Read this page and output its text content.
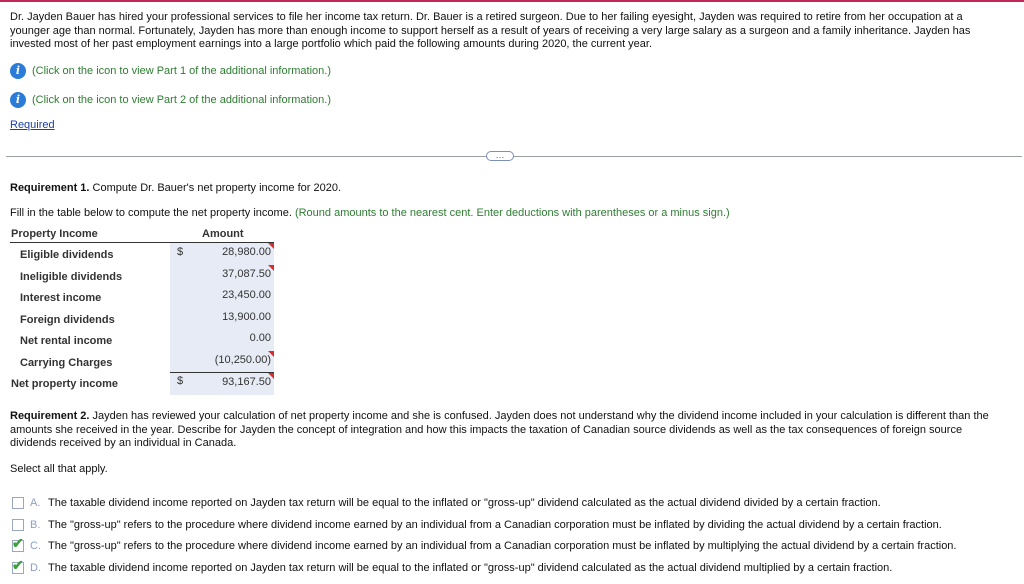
Dr. Jayden Bauer has hired your professional services to file her income tax return. Dr. Bauer is a retired surgeon. Due to her failing eyesight, Jayden was required to retire from her occupation at a younger age than normal. Fortunately, Jayden has more than enough income to support herself as a result of years of receiving a very large salary as a surgeon and a family inheritance. Jayden has invested most of her past employment earnings into a large portfolio which paid the following amounts during 2020, the current year.
i	(Click on the icon to view Part 1 of the additional information.)
i	(Click on the icon to view Part 2 of the additional information.)
Required
…
Requirement 1. Compute Dr. Bauer's net property income for 2020.
Fill in the table below to compute the net property income. (Round amounts to the nearest cent. Enter deductions with parentheses or a minus sign.)
Property Income	Amount
Eligible dividends	28,980.00
$
Ineligible dividends	37,087.50
Interest income	23,450.00
Foreign dividends	13,900.00
Net rental income	0.00
Carrying Charges	(10,250.00)
Net property income	93,167.50
$
Requirement 2. Jayden has reviewed your calculation of net property income and she is confused. Jayden does not understand why the dividend income included in your calculation is different than the amounts she received in the year. Describe for Jayden the concept of integration and how this impacts the taxation of Canadian source dividends as well as the tax consequences of foreign source dividends received by an individual in Canada.
Select all that apply.
A. The taxable dividend income reported on Jayden tax return will be equal to the inflated or "gross-up" dividend calculated as the actual dividend divided by a certain fraction.
B. The "gross-up" refers to the procedure where dividend income earned by an individual from a Canadian corporation must be inflated by dividing the actual dividend by a certain fraction.
✔ C. The "gross-up" refers to the procedure where dividend income earned by an individual from a Canadian corporation must be inflated by multiplying the actual dividend by a certain fraction.
✔ D. The taxable dividend income reported on Jayden tax return will be equal to the inflated or "gross-up" dividend calculated as the actual dividend multiplied by a certain fraction.
